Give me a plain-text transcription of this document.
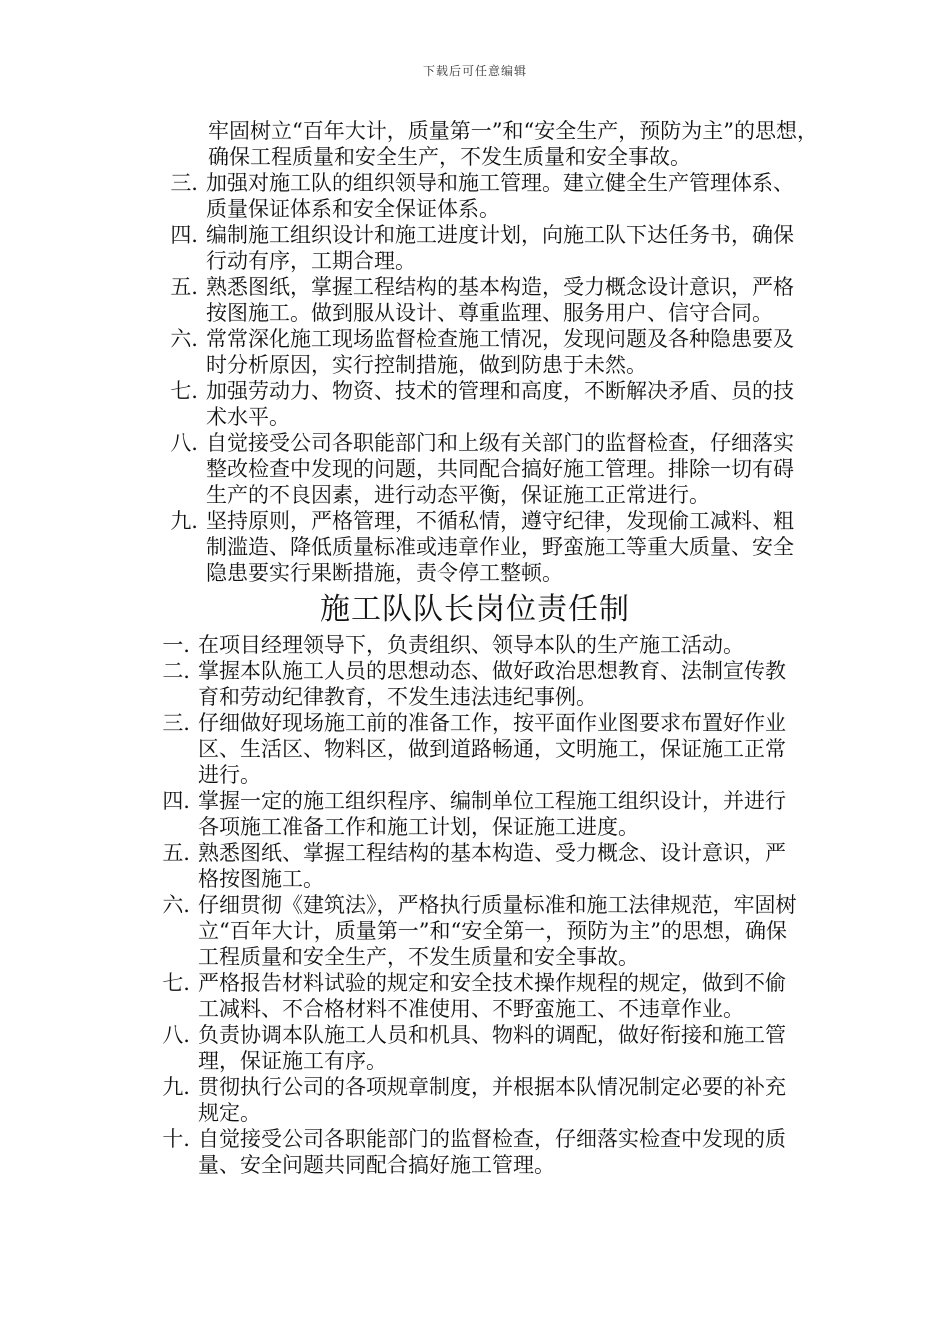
下载后可任意编辑
牢固树立“百年大计，质量第一”和“安全生产，预防为主”的思想，确保工程质量和安全生产，不发生质量和安全事故。
三. 加强对施工队的组织领导和施工管理。建立健全生产管理体系、质量保证体系和安全保证体系。
四. 编制施工组织设计和施工进度计划，向施工队下达任务书，确保行动有序，工期合理。
五. 熟悉图纸，掌握工程结构的基本构造，受力概念设计意识，严格按图施工。做到服从设计、尊重监理、服务用户、信守合同。
六. 常常深化施工现场监督检查施工情况，发现问题及各种隐患要及时分析原因，实行控制措施，做到防患于未然。
七. 加强劳动力、物资、技术的管理和高度，不断解决矛盾、员的技术水平。
八. 自觉接受公司各职能部门和上级有关部门的监督检查，仔细落实整改检查中发现的问题，共同配合搞好施工管理。排除一切有碍生产的不良因素，进行动态平衡，保证施工正常进行。
九. 坚持原则，严格管理，不循私情，遵守纪律，发现偷工减料、粗制滥造、降低质量标准或违章作业，野蛮施工等重大质量、安全隐患要实行果断措施，责令停工整顿。
施工队队长岗位责任制
一. 在项目经理领导下，负责组织、领导本队的生产施工活动。
二. 掌握本队施工人员的思想动态、做好政治思想教育、法制宣传教育和劳动纪律教育，不发生违法违纪事例。
三. 仔细做好现场施工前的准备工作，按平面作业图要求布置好作业区、生活区、物料区，做到道路畅通，文明施工，保证施工正常进行。
四. 掌握一定的施工组织程序、编制单位工程施工组织设计，并进行各项施工准备工作和施工计划，保证施工进度。
五. 熟悉图纸、掌握工程结构的基本构造、受力概念、设计意识，严格按图施工。
六. 仔细贯彻《建筑法》，严格执行质量标准和施工法律规范，牢固树立“百年大计，质量第一”和“安全第一，预防为主”的思想，确保工程质量和安全生产，不发生质量和安全事故。
七. 严格报告材料试验的规定和安全技术操作规程的规定，做到不偷工减料、不合格材料不准使用、不野蛮施工、不违章作业。
八. 负责协调本队施工人员和机具、物料的调配，做好衔接和施工管理，保证施工有序。
九. 贯彻执行公司的各项规章制度，并根据本队情况制定必要的补充规定。
十. 自觉接受公司各职能部门的监督检查，仔细落实检查中发现的质量、安全问题共同配合搞好施工管理。
